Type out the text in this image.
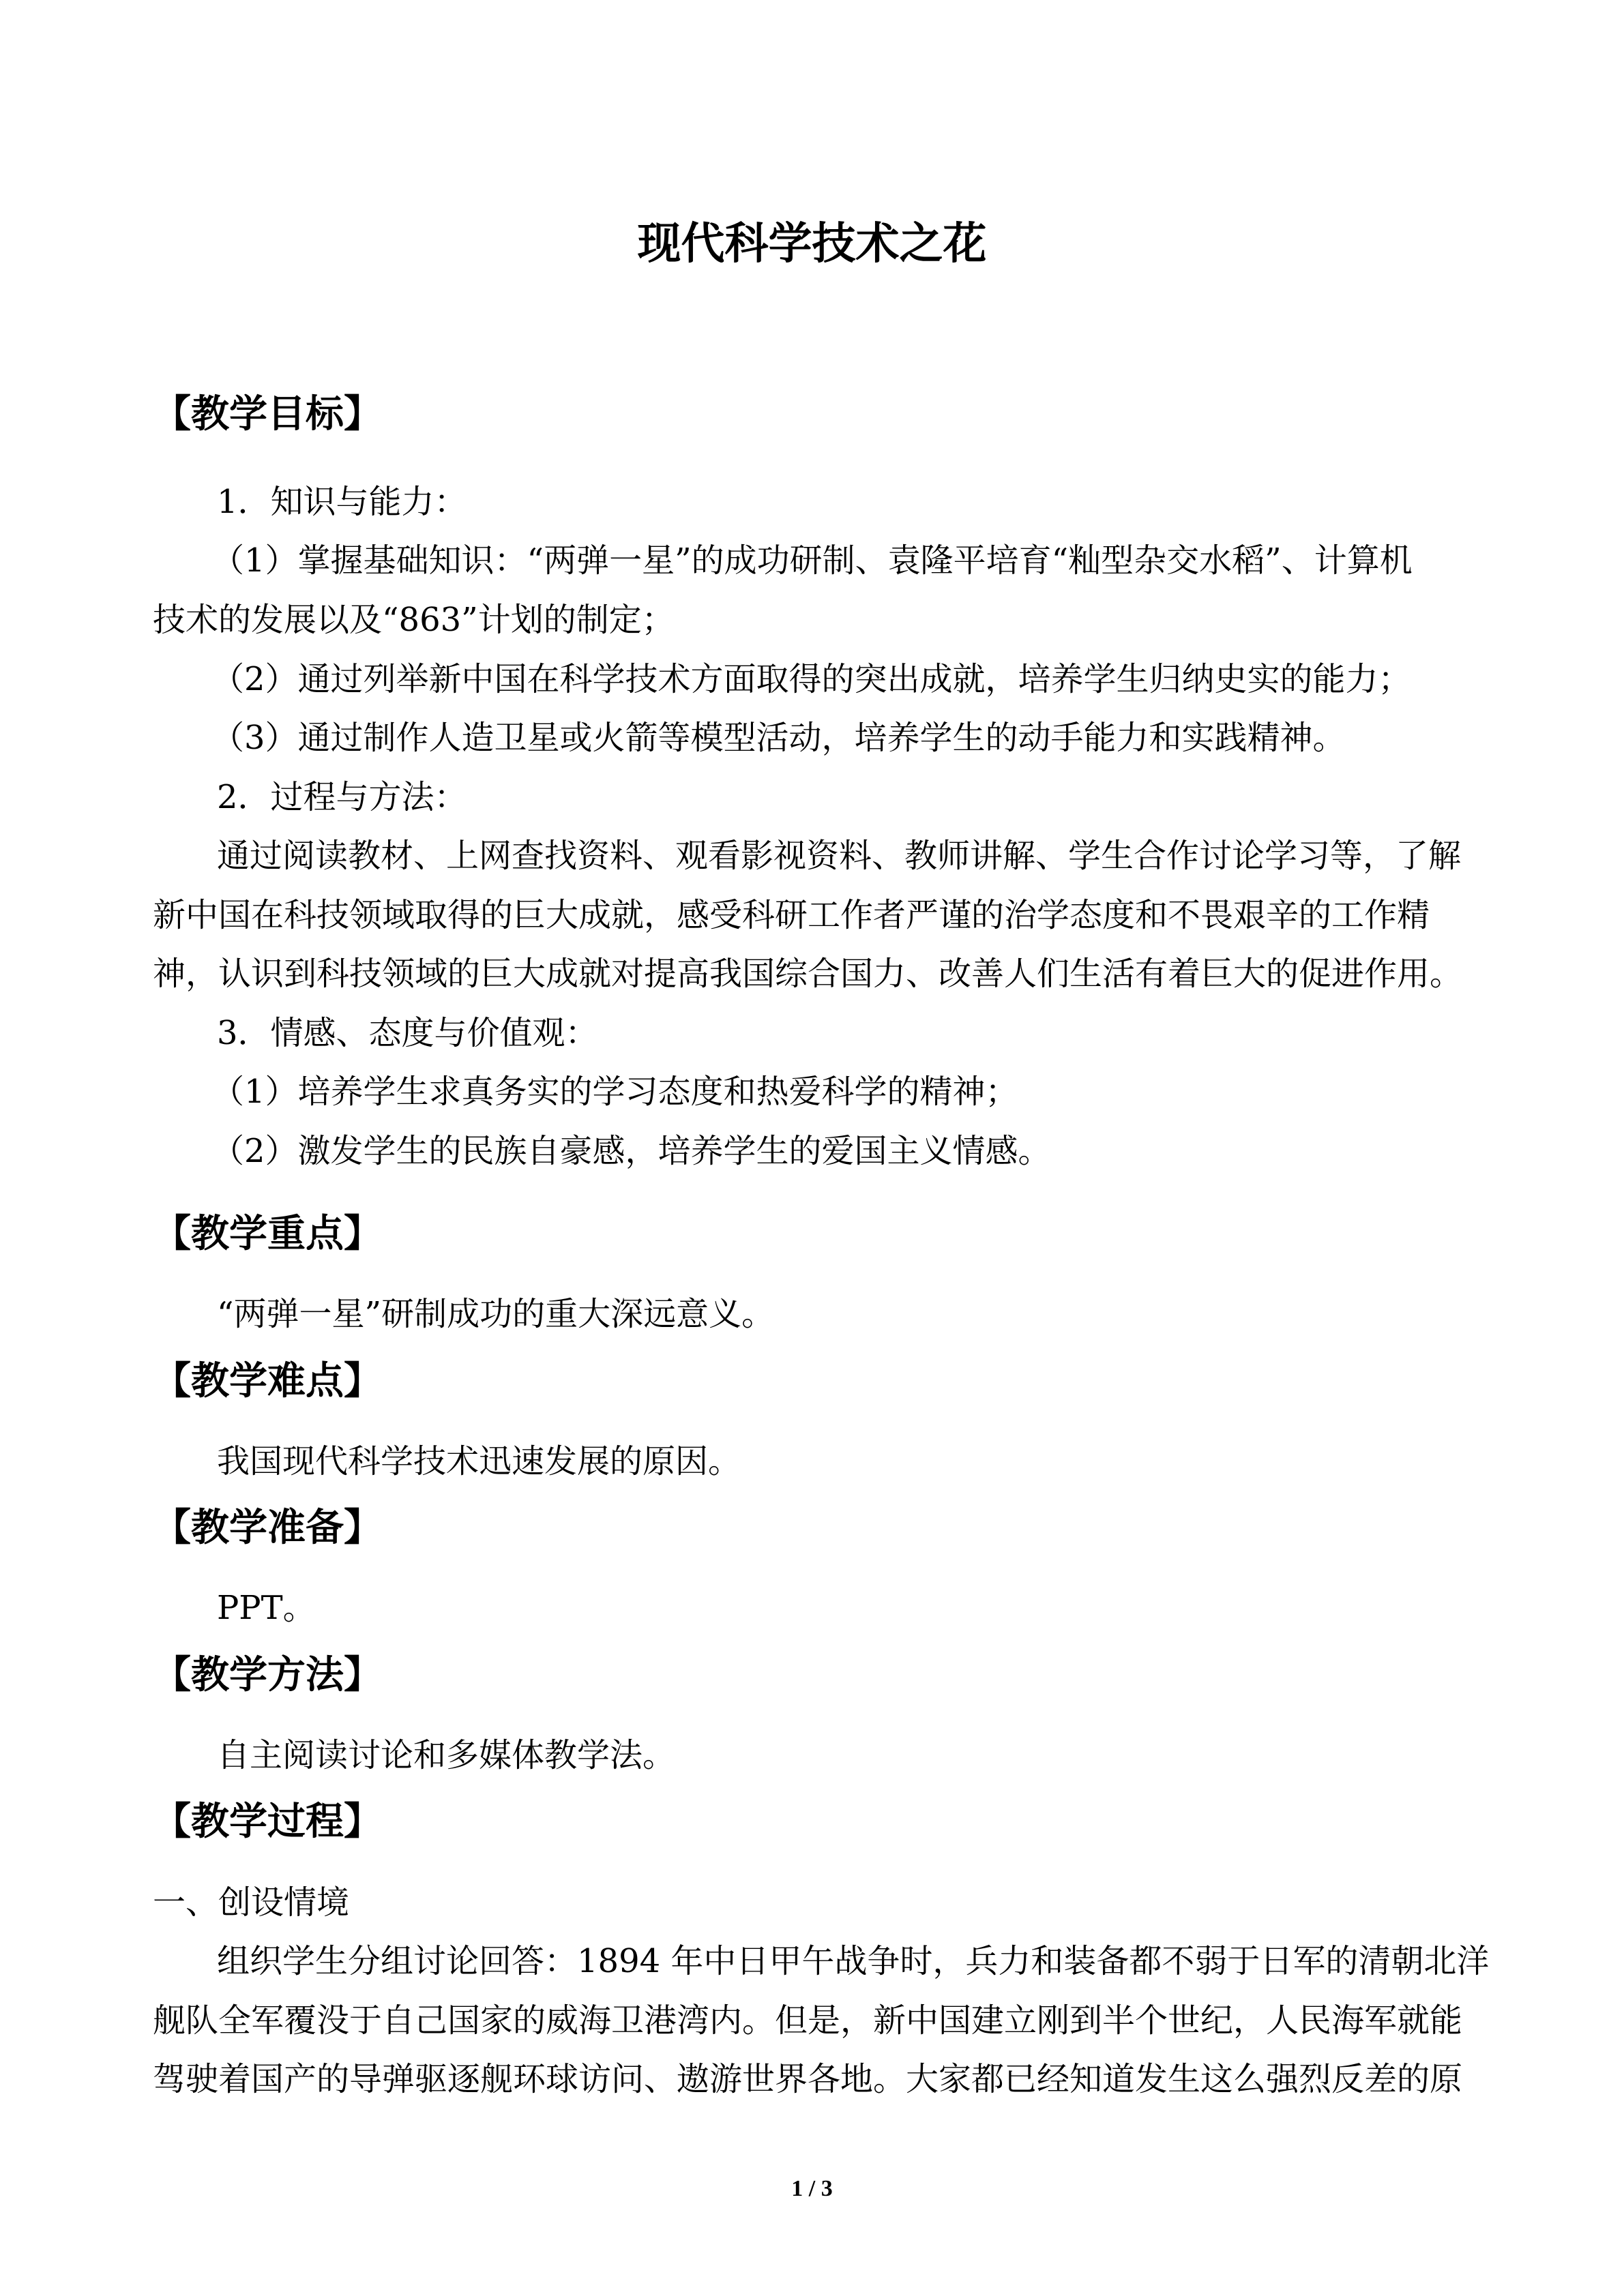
现代科学技术之花
【教学目标】

1．知识与能力：

（1）掌握基础知识：“两弹一星”的成功研制、袁隆平培育“籼型杂交水稻”、计算机

技术的发展以及“863”计划的制定；

（2）通过列举新中国在科学技术方面取得的突出成就，培养学生归纳史实的能力；

（3）通过制作人造卫星或火箭等模型活动，培养学生的动手能力和实践精神。

2．过程与方法：

通过阅读教材、上网查找资料、观看影视资料、教师讲解、学生合作讨论学习等，了解

新中国在科技领域取得的巨大成就，感受科研工作者严谨的治学态度和不畏艰辛的工作精

神，认识到科技领域的巨大成就对提高我国综合国力、改善人们生活有着巨大的促进作用。

3．情感、态度与价值观：

（1）培养学生求真务实的学习态度和热爱科学的精神；

（2）激发学生的民族自豪感，培养学生的爱国主义情感。

【教学重点】

“两弹一星”研制成功的重大深远意义。

【教学难点】

我国现代科学技术迅速发展的原因。

【教学准备】

PPT。

【教学方法】

自主阅读讨论和多媒体教学法。

【教学过程】

一、创设情境

组织学生分组讨论回答：1894 年中日甲午战争时，兵力和装备都不弱于日军的清朝北洋

舰队全军覆没于自己国家的威海卫港湾内。但是，新中国建立刚到半个世纪，人民海军就能

驾驶着国产的导弹驱逐舰环球访问、遨游世界各地。大家都已经知道发生这么强烈反差的原

1 / 3
